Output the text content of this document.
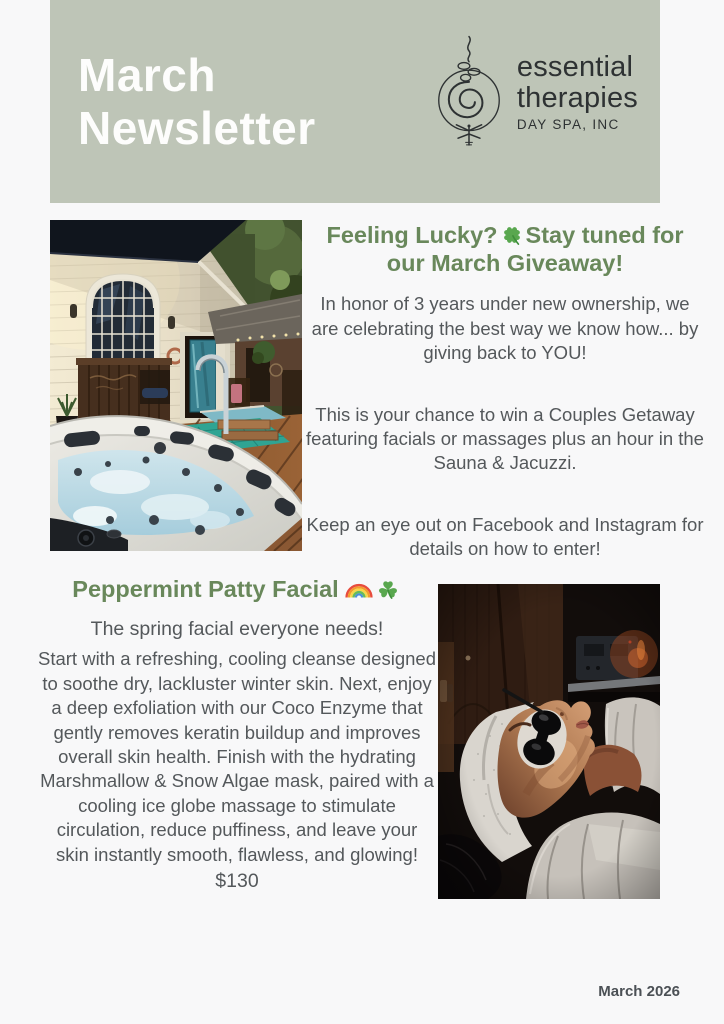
March
Newsletter
essential
therapies
DAY SPA, INC
Feeling Lucky? Stay tuned for our March Giveaway!

In honor of 3 years under new ownership, we are celebrating the best way we know how... by giving back to YOU!

This is your chance to win a Couples Getaway featuring facials or massages plus an hour in the Sauna & Jacuzzi.

Keep an eye out on Facebook and Instagram for details on how to enter!

Peppermint Patty Facial

The spring facial everyone needs!

Start with a refreshing, cooling cleanse designed to soothe dry, lackluster winter skin. Next, enjoy a deep exfoliation with our Coco Enzyme that gently removes keratin buildup and improves overall skin health. Finish with the hydrating Marshmallow & Snow Algae mask, paired with a cooling ice globe massage to stimulate circulation, reduce puffiness, and leave your skin instantly smooth, flawless, and glowing!

$130

March 2026
